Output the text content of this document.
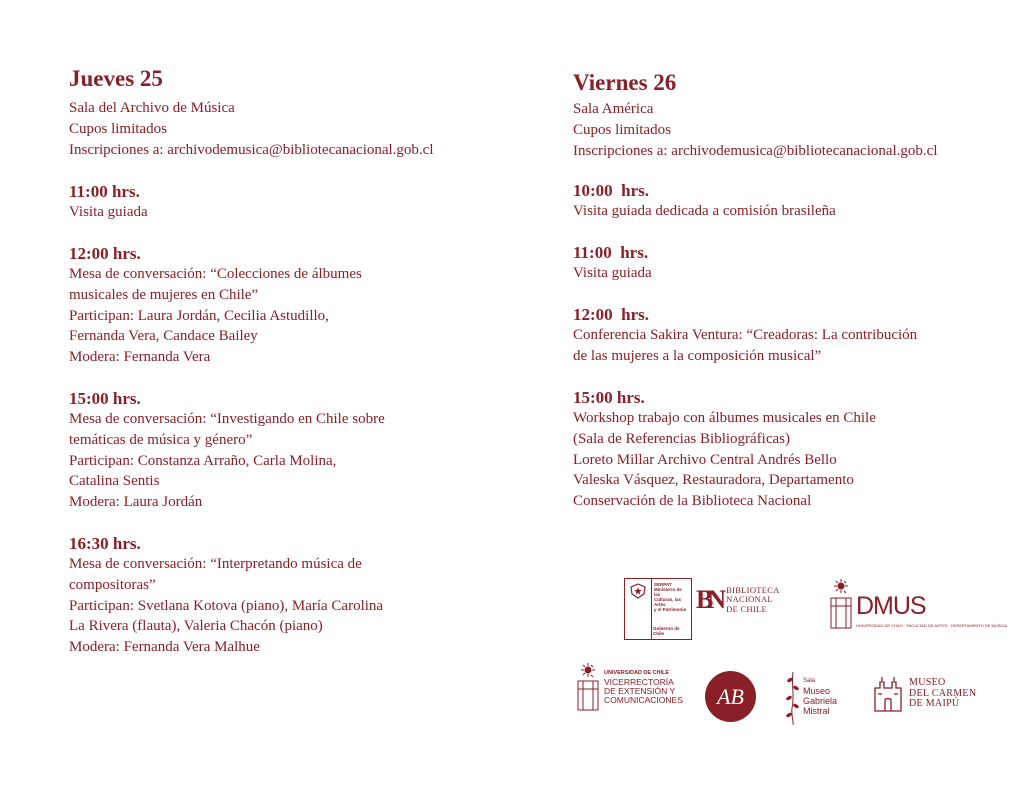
Jueves 25
Sala del Archivo de Música
Cupos limitados
Inscripciones a: archivodemusica@bibliotecanacional.gob.cl
11:00 hrs.
Visita guiada
12:00 hrs.
Mesa de conversación: “Colecciones de álbumes
musicales de mujeres en Chile”
Participan: Laura Jordán, Cecilia Astudillo,
Fernanda Vera, Candace Bailey
Modera: Fernanda Vera
15:00 hrs.
Mesa de conversación: “Investigando en Chile sobre
temáticas de música y género”
Participan: Constanza Arraño, Carla Molina,
Catalina Sentis
Modera: Laura Jordán
16:30 hrs.
Mesa de conversación: “Interpretando música de
compositoras”
Participan: Svetlana Kotova (piano), María Carolina
La Rivera (flauta), Valeria Chacón (piano)
Modera: Fernanda Vera Malhue
Viernes 26
Sala América
Cupos limitados
Inscripciones a: archivodemusica@bibliotecanacional.gob.cl
10:00  hrs.
Visita guiada dedicada a comisión brasileña
11:00  hrs.
Visita guiada
12:00  hrs.
Conferencia Sakira Ventura: “Creadoras: La contribución
de las mujeres a la composición musical”
15:00 hrs.
Workshop trabajo con álbumes musicales en Chile
(Sala de Referencias Bibliográficas)
Loreto Millar Archivo Central Andrés Bello
Valeska Vásquez, Restauradora, Departamento
Conservación de la Biblioteca Nacional
SERPAT
Ministerio de las
Culturas, las Artes
y el Patrimonio
Gobierno de Chile
BN BIBLIOTECA
NACIONAL
DE CHILE	DMUS
UNIVERSIDAD DE CHILE · FACULTAD DE ARTES · DEPARTAMENTO DE MÚSICA
UNIVERSIDAD DE CHILE
VICERRECTORÍA
DE EXTENSIÓN Y
COMUNICACIONES AB
Sala
Museo
Gabriela
Mistral
MUSEO
DEL CARMEN
DE MAIPÚ
